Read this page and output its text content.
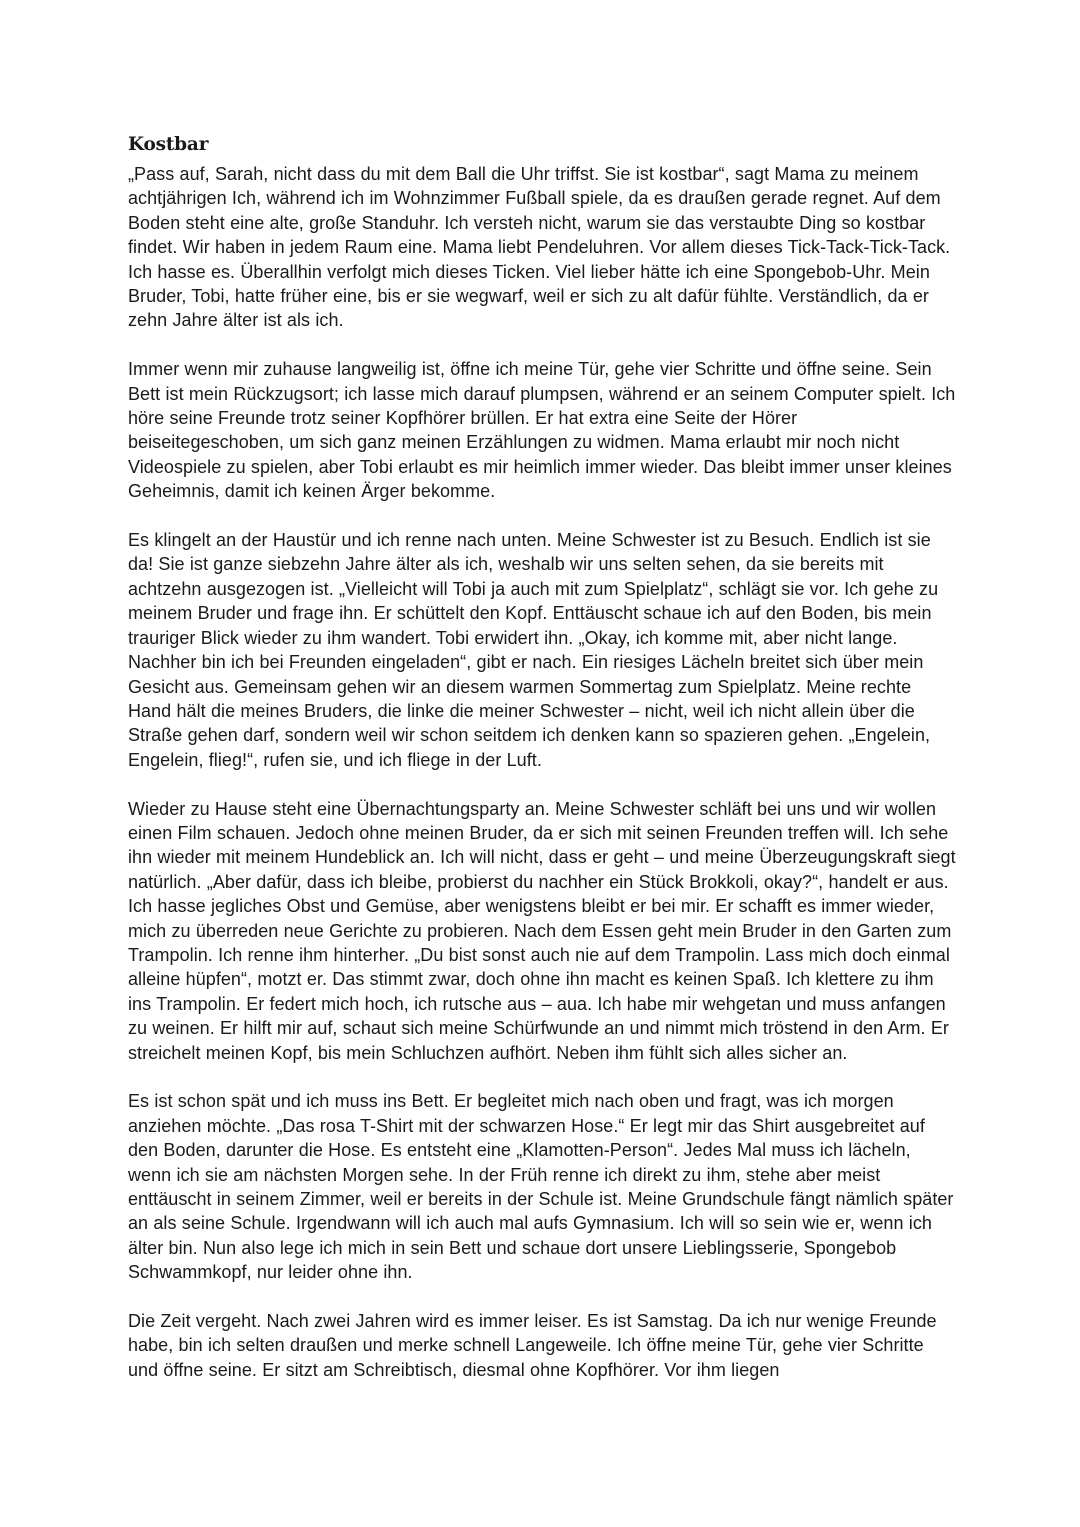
Kostbar

„Pass auf, Sarah, nicht dass du mit dem Ball die Uhr triffst. Sie ist kostbar“, sagt Mama zu meinem achtjährigen Ich, während ich im Wohnzimmer Fußball spiele, da es draußen gerade regnet. Auf dem Boden steht eine alte, große Standuhr. Ich versteh nicht, warum sie das verstaubte Ding so kostbar findet. Wir haben in jedem Raum eine. Mama liebt Pendeluhren. Vor allem dieses Tick-Tack-Tick-Tack. Ich hasse es. Überallhin verfolgt mich dieses Ticken. Viel lieber hätte ich eine Spongebob-Uhr. Mein Bruder, Tobi, hatte früher eine, bis er sie wegwarf, weil er sich zu alt dafür fühlte. Verständlich, da er zehn Jahre älter ist als ich.

Immer wenn mir zuhause langweilig ist, öffne ich meine Tür, gehe vier Schritte und öffne seine. Sein Bett ist mein Rückzugsort; ich lasse mich darauf plumpsen, während er an seinem Computer spielt. Ich höre seine Freunde trotz seiner Kopfhörer brüllen. Er hat extra eine Seite der Hörer beiseitegeschoben, um sich ganz meinen Erzählungen zu widmen. Mama erlaubt mir noch nicht Videospiele zu spielen, aber Tobi erlaubt es mir heimlich immer wieder. Das bleibt immer unser kleines Geheimnis, damit ich keinen Ärger bekomme.

Es klingelt an der Haustür und ich renne nach unten. Meine Schwester ist zu Besuch. Endlich ist sie da! Sie ist ganze siebzehn Jahre älter als ich, weshalb wir uns selten sehen, da sie bereits mit achtzehn ausgezogen ist. „Vielleicht will Tobi ja auch mit zum Spielplatz“, schlägt sie vor. Ich gehe zu meinem Bruder und frage ihn. Er schüttelt den Kopf. Enttäuscht schaue ich auf den Boden, bis mein trauriger Blick wieder zu ihm wandert. Tobi erwidert ihn. „Okay, ich komme mit, aber nicht lange. Nachher bin ich bei Freunden eingeladen“, gibt er nach. Ein riesiges Lächeln breitet sich über mein Gesicht aus. Gemeinsam gehen wir an diesem warmen Sommertag zum Spielplatz. Meine rechte Hand hält die meines Bruders, die linke die meiner Schwester – nicht, weil ich nicht allein über die Straße gehen darf, sondern weil wir schon seitdem ich denken kann so spazieren gehen. „Engelein, Engelein, flieg!“, rufen sie, und ich fliege in der Luft.

Wieder zu Hause steht eine Übernachtungsparty an. Meine Schwester schläft bei uns und wir wollen einen Film schauen. Jedoch ohne meinen Bruder, da er sich mit seinen Freunden treffen will. Ich sehe ihn wieder mit meinem Hundeblick an. Ich will nicht, dass er geht – und meine Überzeugungskraft siegt natürlich. „Aber dafür, dass ich bleibe, probierst du nachher ein Stück Brokkoli, okay?“, handelt er aus. Ich hasse jegliches Obst und Gemüse, aber wenigstens bleibt er bei mir. Er schafft es immer wieder, mich zu überreden neue Gerichte zu probieren. Nach dem Essen geht mein Bruder in den Garten zum Trampolin. Ich renne ihm hinterher. „Du bist sonst auch nie auf dem Trampolin. Lass mich doch einmal alleine hüpfen“, motzt er. Das stimmt zwar, doch ohne ihn macht es keinen Spaß. Ich klettere zu ihm ins Trampolin. Er federt mich hoch, ich rutsche aus – aua. Ich habe mir wehgetan und muss anfangen zu weinen. Er hilft mir auf, schaut sich meine Schürfwunde an und nimmt mich tröstend in den Arm. Er streichelt meinen Kopf, bis mein Schluchzen aufhört. Neben ihm fühlt sich alles sicher an.

Es ist schon spät und ich muss ins Bett. Er begleitet mich nach oben und fragt, was ich morgen anziehen möchte. „Das rosa T-Shirt mit der schwarzen Hose.“ Er legt mir das Shirt ausgebreitet auf den Boden, darunter die Hose. Es entsteht eine „Klamotten-Person“. Jedes Mal muss ich lächeln, wenn ich sie am nächsten Morgen sehe. In der Früh renne ich direkt zu ihm, stehe aber meist enttäuscht in seinem Zimmer, weil er bereits in der Schule ist. Meine Grundschule fängt nämlich später an als seine Schule. Irgendwann will ich auch mal aufs Gymnasium. Ich will so sein wie er, wenn ich älter bin. Nun also lege ich mich in sein Bett und schaue dort unsere Lieblingsserie, Spongebob Schwammkopf, nur leider ohne ihn.

Die Zeit vergeht. Nach zwei Jahren wird es immer leiser. Es ist Samstag. Da ich nur wenige Freunde habe, bin ich selten draußen und merke schnell Langeweile. Ich öffne meine Tür, gehe vier Schritte und öffne seine. Er sitzt am Schreibtisch, diesmal ohne Kopfhörer. Vor ihm liegen
